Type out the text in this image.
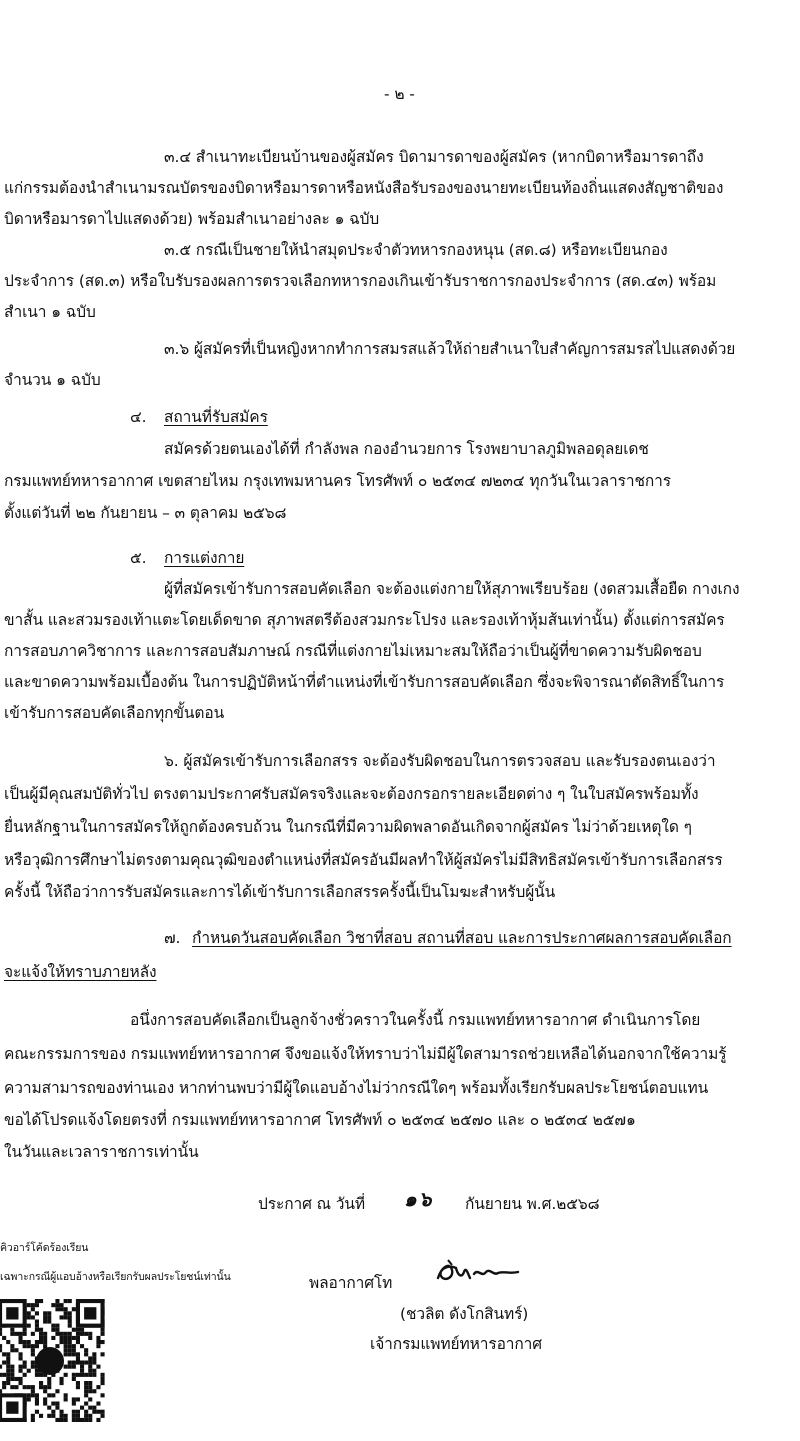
- ๒ -
๓.๔ สำเนาทะเบียนบ้านของผู้สมัคร บิดามารดาของผู้สมัคร (หากบิดาหรือมารดาถึง
แก่กรรมต้องนำสำเนามรณบัตรของบิดาหรือมารดาหรือหนังสือรับรองของนายทะเบียนท้องถิ่นแสดงสัญชาติของ
บิดาหรือมารดาไปแสดงด้วย) พร้อมสำเนาอย่างละ ๑ ฉบับ
๓.๕ กรณีเป็นชายให้นำสมุดประจำตัวทหารกองหนุน (สด.๘) หรือทะเบียนกอง
ประจำการ (สด.๓) หรือใบรับรองผลการตรวจเลือกทหารกองเกินเข้ารับราชการกองประจำการ (สด.๔๓) พร้อม
สำเนา ๑ ฉบับ
๓.๖ ผู้สมัครที่เป็นหญิงหากทำการสมรสแล้วให้ถ่ายสำเนาใบสำคัญการสมรสไปแสดงด้วย
จำนวน ๑ ฉบับ
๔. สถานที่รับสมัคร
สมัครด้วยตนเองได้ที่ กำลังพล กองอำนวยการ โรงพยาบาลภูมิพลอดุลยเดช
กรมแพทย์ทหารอากาศ เขตสายไหม กรุงเทพมหานคร โทรศัพท์ ๐ ๒๕๓๔ ๗๒๓๔ ทุกวันในเวลาราชการ
ตั้งแต่วันที่ ๒๒ กันยายน – ๓ ตุลาคม ๒๕๖๘
๕. การแต่งกาย
ผู้ที่สมัครเข้ารับการสอบคัดเลือก จะต้องแต่งกายให้สุภาพเรียบร้อย (งดสวมเสื้อยืด กางเกง
ขาสั้น และสวมรองเท้าแตะโดยเด็ดขาด สุภาพสตรีต้องสวมกระโปรง และรองเท้าหุ้มส้นเท่านั้น) ตั้งแต่การสมัคร
การสอบภาควิชาการ และการสอบสัมภาษณ์ กรณีที่แต่งกายไม่เหมาะสมให้ถือว่าเป็นผู้ที่ขาดความรับผิดชอบ
และขาดความพร้อมเบื้องต้น ในการปฏิบัติหน้าที่ตำแหน่งที่เข้ารับการสอบคัดเลือก ซึ่งจะพิจารณาตัดสิทธิ์ในการ
เข้ารับการสอบคัดเลือกทุกขั้นตอน
๖. ผู้สมัครเข้ารับการเลือกสรร จะต้องรับผิดชอบในการตรวจสอบ และรับรองตนเองว่า
เป็นผู้มีคุณสมบัติทั่วไป ตรงตามประกาศรับสมัครจริงและจะต้องกรอกรายละเอียดต่าง ๆ ในใบสมัครพร้อมทั้ง
ยื่นหลักฐานในการสมัครให้ถูกต้องครบถ้วน ในกรณีที่มีความผิดพลาดอันเกิดจากผู้สมัคร ไม่ว่าด้วยเหตุใด ๆ
หรือวุฒิการศึกษาไม่ตรงตามคุณวุฒิของตำแหน่งที่สมัครอันมีผลทำให้ผู้สมัครไม่มีสิทธิสมัครเข้ารับการเลือกสรร
ครั้งนี้ ให้ถือว่าการรับสมัครและการได้เข้ารับการเลือกสรรครั้งนี้เป็นโมฆะสำหรับผู้นั้น
๗. กำหนดวันสอบคัดเลือก วิชาที่สอบ สถานที่สอบ และการประกาศผลการสอบคัดเลือก
จะแจ้งให้ทราบภายหลัง
อนึ่งการสอบคัดเลือกเป็นลูกจ้างชั่วคราวในครั้งนี้ กรมแพทย์ทหารอากาศ ดำเนินการโดย
คณะกรรมการของ กรมแพทย์ทหารอากาศ จึงขอแจ้งให้ทราบว่าไม่มีผู้ใดสามารถช่วยเหลือได้นอกจากใช้ความรู้
ความสามารถของท่านเอง หากท่านพบว่ามีผู้ใดแอบอ้างไม่ว่ากรณีใดๆ พร้อมทั้งเรียกรับผลประโยชน์ตอบแทน
ขอได้โปรดแจ้งโดยตรงที่ กรมแพทย์ทหารอากาศ โทรศัพท์ ๐ ๒๕๓๔ ๒๕๗๐ และ ๐ ๒๕๓๔ ๒๕๗๑
ในวันและเวลาราชการเท่านั้น
ประกาศ ณ วันที่ ๑๖ กันยายน พ.ศ.๒๕๖๘
คิวอาร์โค้ดร้องเรียน
เฉพาะกรณีผู้แอบอ้างหรือเรียกรับผลประโยชน์เท่านั้น	พลอากาศโท
(ชวลิต ดังโกสินทร์)
เจ้ากรมแพทย์ทหารอากาศ
